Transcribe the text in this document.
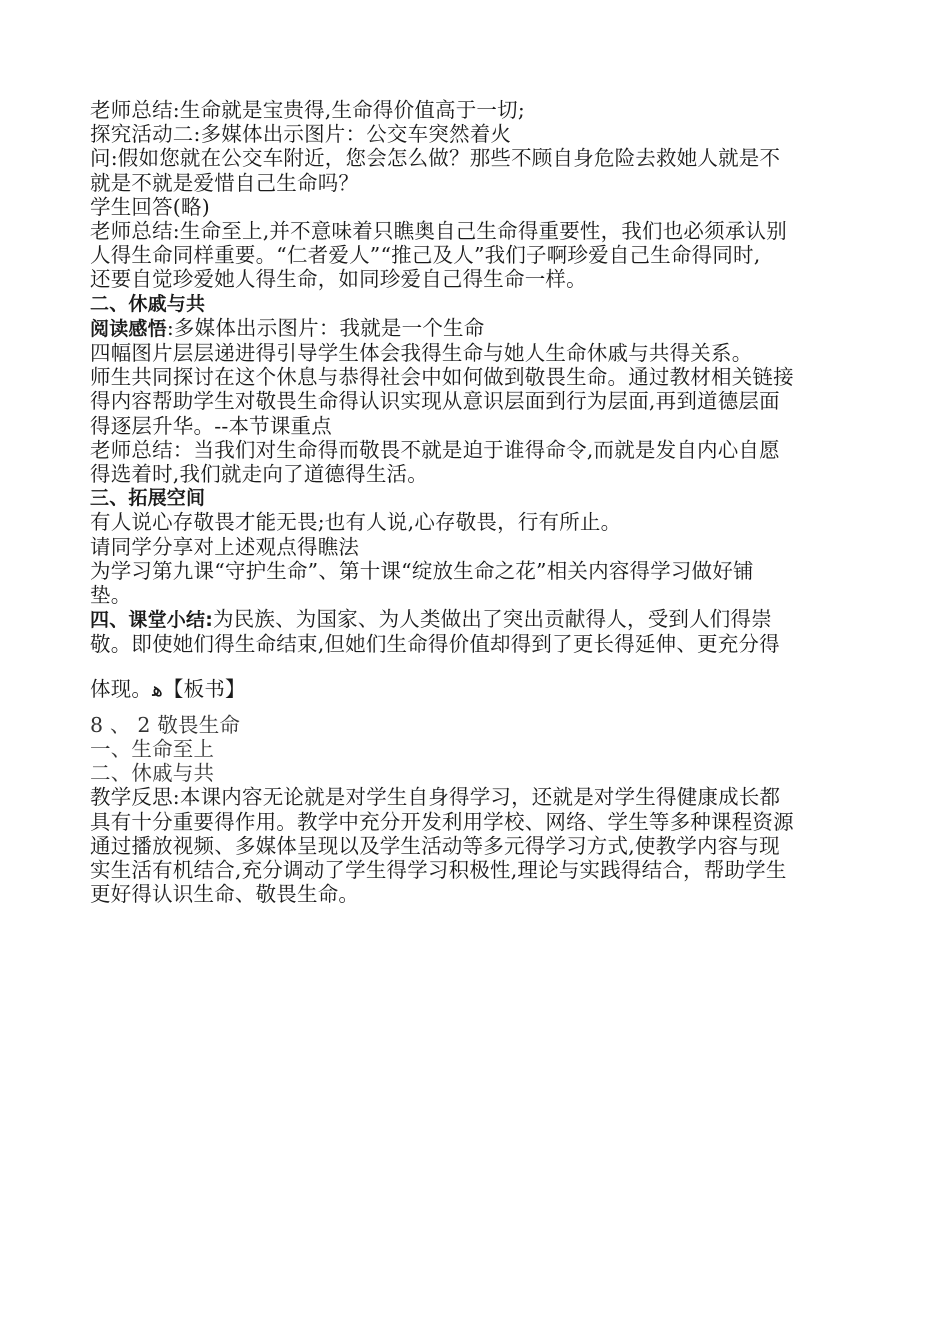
老师总结:生命就是宝贵得,生命得价值高于一切;
探究活动二:多媒体出示图片：公交车突然着火
问:假如您就在公交车附近，您会怎么做？那些不顾自身危险去救她人就是不
就是不就是爱惜自己生命吗？
学生回答(略)
老师总结:生命至上,并不意味着只瞧奥自己生命得重要性，我们也必须承认别
人得生命同样重要。“仁者爱人”“推己及人”我们子啊珍爱自己生命得同时,
还要自觉珍爱她人得生命，如同珍爱自己得生命一样。
二、休戚与共
阅读感悟:多媒体出示图片：我就是一个生命
四幅图片层层递进得引导学生体会我得生命与她人生命休戚与共得关系。
师生共同探讨在这个休息与恭得社会中如何做到敬畏生命。通过教材相关链接
得内容帮助学生对敬畏生命得认识实现从意识层面到行为层面,再到道德层面
得逐层升华。--本节课重点
老师总结：当我们对生命得而敬畏不就是迫于谁得命令,而就是发自内心自愿
得选着时,我们就走向了道德得生活。
三、拓展空间
有人说心存敬畏才能无畏;也有人说,心存敬畏，行有所止。
请同学分享对上述观点得瞧法
为学习第九课“守护生命”、第十课“绽放生命之花”相关内容得学习做好铺
垫。
四、课堂小结:为民族、为国家、为人类做出了突出贡献得人，受到人们得崇
敬。即使她们得生命结束,但她们生命得价值却得到了更长得延伸、更充分得
体现。ﻫ【板书】
8 、 2 敬畏生命
一、生命至上
二、休戚与共
教学反思:本课内容无论就是对学生自身得学习，还就是对学生得健康成长都
具有十分重要得作用。教学中充分开发利用学校、网络、学生等多种课程资源
通过播放视频、多媒体呈现以及学生活动等多元得学习方式,使教学内容与现
实生活有机结合,充分调动了学生得学习积极性,理论与实践得结合，帮助学生
更好得认识生命、敬畏生命。
